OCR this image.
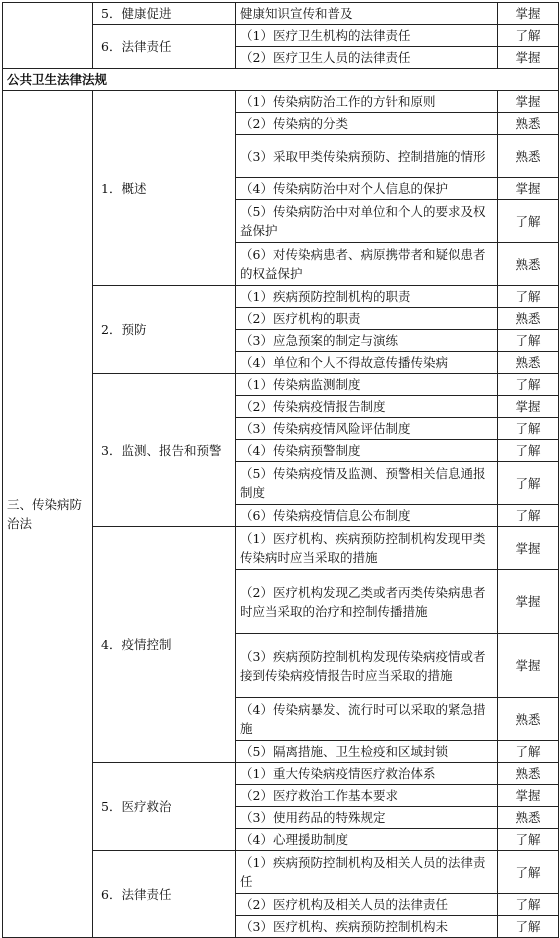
	5．健康促进	健康知识宣传和普及	掌握
	6．法律责任	（1）医疗卫生机构的法律责任	了解
		（2）医疗卫生人员的法律责任	掌握
公共卫生法律法规			
三、传染病防治法	1．概述	（1）传染病防治工作的方针和原则	掌握
		（2）传染病的分类	熟悉
		（3）采取甲类传染病预防、控制措施的情形	熟悉
		（4）传染病防治中对个人信息的保护	掌握
		（5）传染病防治中对单位和个人的要求及权益保护	了解
		（6）对传染病患者、病原携带者和疑似患者的权益保护	熟悉
	2．预防	（1）疾病预防控制机构的职责	了解
		（2）医疗机构的职责	熟悉
		（3）应急预案的制定与演练	了解
		（4）单位和个人不得故意传播传染病	熟悉
	3．监测、报告和预警	（1）传染病监测制度	了解
		（2）传染病疫情报告制度	掌握
		（3）传染病疫情风险评估制度	了解
		（4）传染病预警制度	了解
		（5）传染病疫情及监测、预警相关信息通报制度	了解
		（6）传染病疫情信息公布制度	了解
	4．疫情控制	（1）医疗机构、疾病预防控制机构发现甲类传染病时应当采取的措施	掌握
		（2）医疗机构发现乙类或者丙类传染病患者时应当采取的治疗和控制传播措施	掌握
		（3）疾病预防控制机构发现传染病疫情或者接到传染病疫情报告时应当采取的措施	掌握
		（4）传染病暴发、流行时可以采取的紧急措施	熟悉
		（5）隔离措施、卫生检疫和区域封锁	了解
	5．医疗救治	（1）重大传染病疫情医疗救治体系	熟悉
		（2）医疗救治工作基本要求	掌握
		（3）使用药品的特殊规定	熟悉
		（4）心理援助制度	了解
	6．法律责任	（1）疾病预防控制机构及相关人员的法律责任	了解
		（2）医疗机构及相关人员的法律责任	了解
		（3）医疗机构、疾病预防控制机构未	了解
